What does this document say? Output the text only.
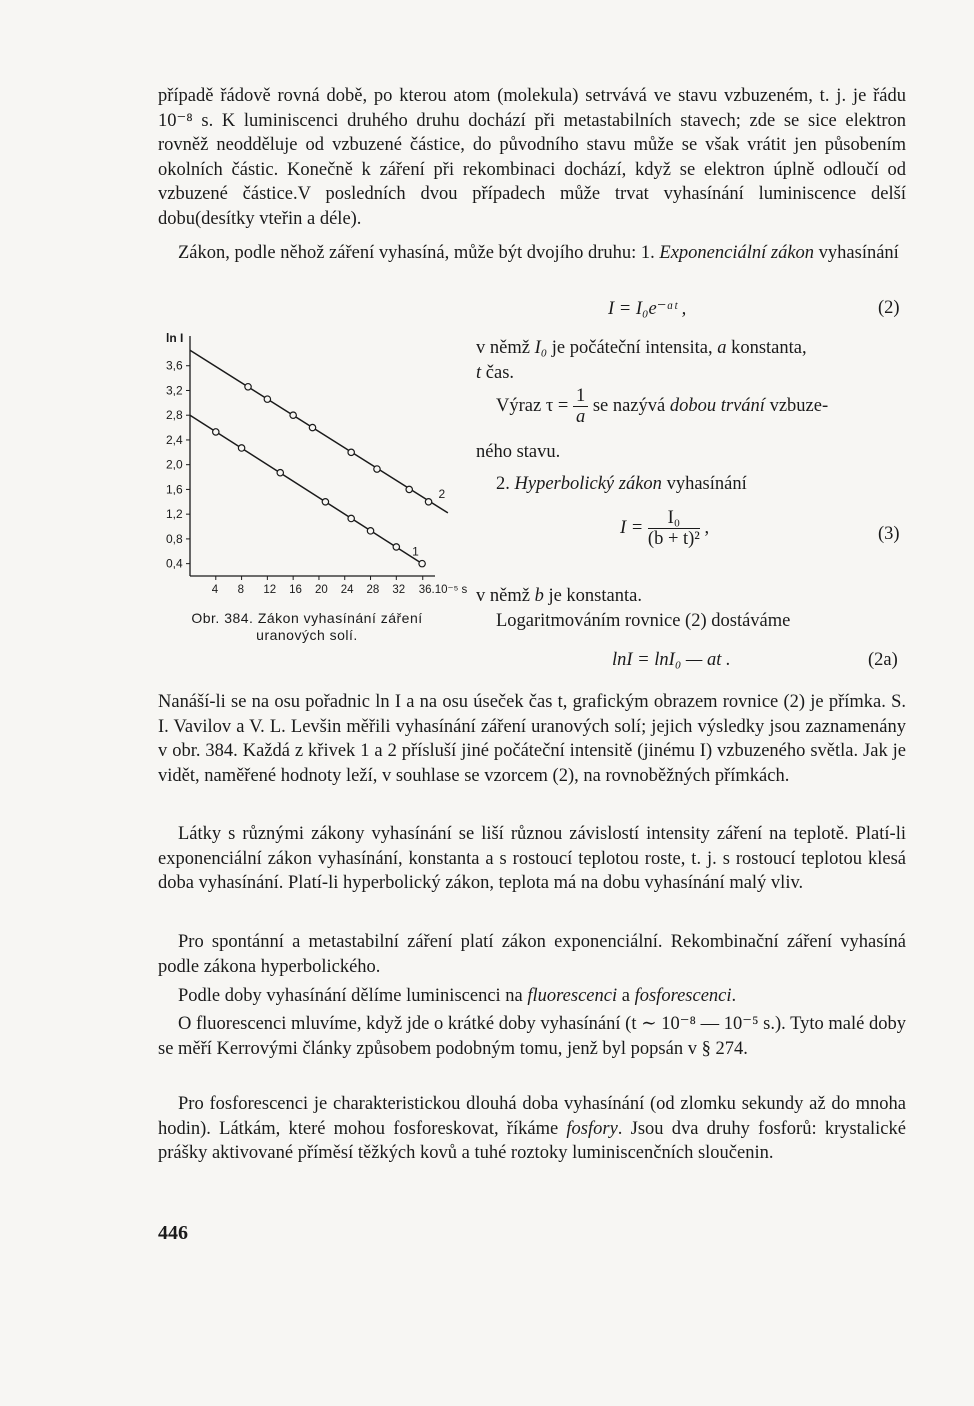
případě řádově rovná době, po kterou atom (molekula) setrvává ve stavu vzbuzeném, t. j. je řádu 10⁻⁸ s. K luminiscenci druhého druhu dochází při metastabilních stavech; zde se sice elektron rovněž neodděluje od vzbuzené částice, do původního stavu může se však vrátit jen působením okolních částic. Konečně k záření při rekombinaci dochází, když se elektron úplně odloučí od vzbuzené částice.V posledních dvou případech může trvat vyhasínání luminiscence delší dobu(desítky vteřin a déle).
Zákon, podle něhož záření vyhasíná, může být dvojího druhu: 1. Exponenciální zákon vyhasínání
I = I₀e⁻ᵅᵗ ,	(2)
v němž I₀ je počáteční intensita, a konstanta,
t čas.
Výraz $\tau = \frac{1}{a}$ se nazývá dobou trvání vzbuze-
ného stavu.
2. Hyperbolický zákon vyhasínání
$I = \frac{\text{I₀}}{\text{(b + t)²}}$ ,	(3)
v němž b je konstanta.
Logaritmováním rovnice (2) dostáváme
lnI = lnI₀ — at .	(2a)
ln I
3,6
3,2
2,8
2,4
2,0
1,6
1,2
0,8
0,4
4 8 12 16 20 24 28 32 36.10⁻⁵ s
1
2
Obr. 384. Zákon vyhasínání záření
uranových solí.
Nanáší-li se na osu pořadnic ln I a na osu úseček čas t, grafickým obrazem rovnice (2) je přímka. S. I. Vavilov a V. L. Levšin měřili vyhasínání záření uranových solí; jejich výsledky jsou zaznamenány v obr. 384. Každá z křivek 1 a 2 přísluší jiné počáteční intensitě (jinému I) vzbuzeného světla. Jak je vidět, naměřené hodnoty leží, v souhlase se vzorcem (2), na rovnoběžných přímkách.
Látky s různými zákony vyhasínání se liší různou závislostí intensity záření na teplotě. Platí-li exponenciální zákon vyhasínání, konstanta a s rostoucí teplotou roste, t. j. s rostoucí teplotou klesá doba vyhasínání. Platí-li hyperbolický zákon, teplota má na dobu vyhasínání malý vliv.
Pro spontánní a metastabilní záření platí zákon exponenciální. Rekombinační záření vyhasíná podle zákona hyperbolického.
Podle doby vyhasínání dělíme luminiscenci na fluorescenci a fosforescenci.
O fluorescenci mluvíme, když jde o krátké doby vyhasínání (t ∼ 10⁻⁸ — 10⁻⁵ s.). Tyto malé doby se měří Kerrovými články způsobem podobným tomu, jenž byl popsán v § 274.
Pro fosforescenci je charakteristickou dlouhá doba vyhasínání (od zlomku sekundy až do mnoha hodin). Látkám, které mohou fosforeskovat, říkáme fosfory. Jsou dva druhy fosforů: krystalické prášky aktivované příměsí těžkých kovů a tuhé roztoky luminiscenčních sloučenin.
446
